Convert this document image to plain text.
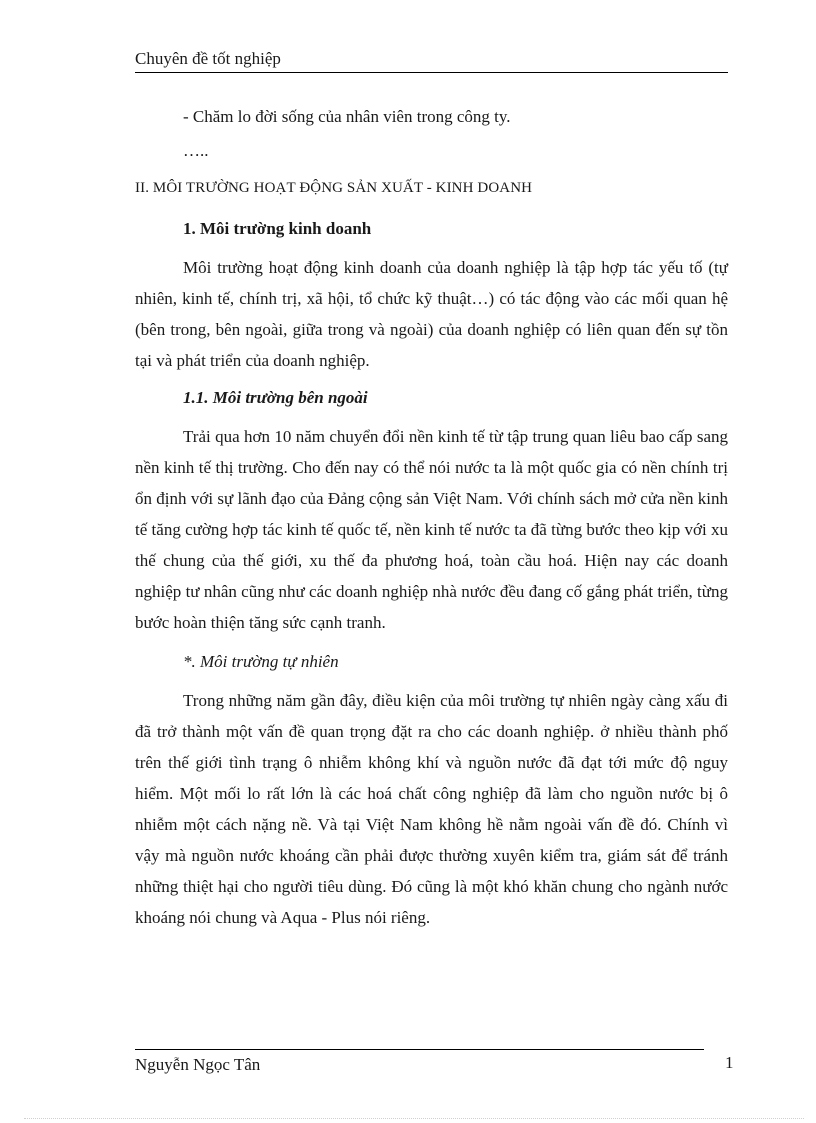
Chuyên đề tốt nghiệp

- Chăm lo đời sống của nhân viên trong công ty.

…..

II. MÔI TRƯỜNG HOẠT ĐỘNG SẢN XUẤT - KINH DOANH

1. Môi trường kinh doanh

Môi trường hoạt động kinh doanh của doanh nghiệp là tập hợp tác yếu tố (tự nhiên, kinh tế, chính trị, xã hội, tổ chức kỹ thuật…) có tác động vào các mối quan hệ (bên trong, bên ngoài, giữa trong và ngoài) của doanh nghiệp có liên quan đến sự tồn tại và phát triển của doanh nghiệp.

1.1. Môi trường bên ngoài

Trải qua hơn 10 năm chuyển đổi nền kinh tế từ tập trung quan liêu bao cấp sang nền kinh tế thị trường. Cho đến nay có thể nói nước ta là một quốc gia có nền chính trị ổn định với sự lãnh đạo của Đảng cộng sản Việt Nam. Với chính sách mở cửa nền kinh tế tăng cường hợp tác kinh tế quốc tế, nền kinh tế nước ta đã từng bước theo kịp với xu thế chung của thế giới, xu thế đa phương hoá, toàn cầu hoá. Hiện nay các doanh nghiệp tư nhân cũng như các doanh nghiệp nhà nước đều đang cố gắng phát triển, từng bước hoàn thiện tăng sức cạnh tranh.

*. Môi trường tự nhiên

Trong những năm gần đây, điều kiện của môi trường tự nhiên ngày càng xấu đi đã trở thành một vấn đề quan trọng đặt ra cho các doanh nghiệp. ở nhiều thành phố trên thế giới tình trạng ô nhiễm không khí và nguồn nước đã đạt tới mức độ nguy hiểm. Một mối lo rất lớn là các hoá chất công nghiệp đã làm cho nguồn nước bị ô nhiễm một cách nặng nề. Và tại Việt Nam không hề nằm ngoài vấn đề đó. Chính vì vậy mà nguồn nước khoáng cần phải được thường xuyên kiểm tra, giám sát để tránh những thiệt hại cho người tiêu dùng. Đó cũng là một khó khăn chung cho ngành nước khoáng nói chung và Aqua - Plus nói riêng.

Nguyễn Ngọc Tân	1
